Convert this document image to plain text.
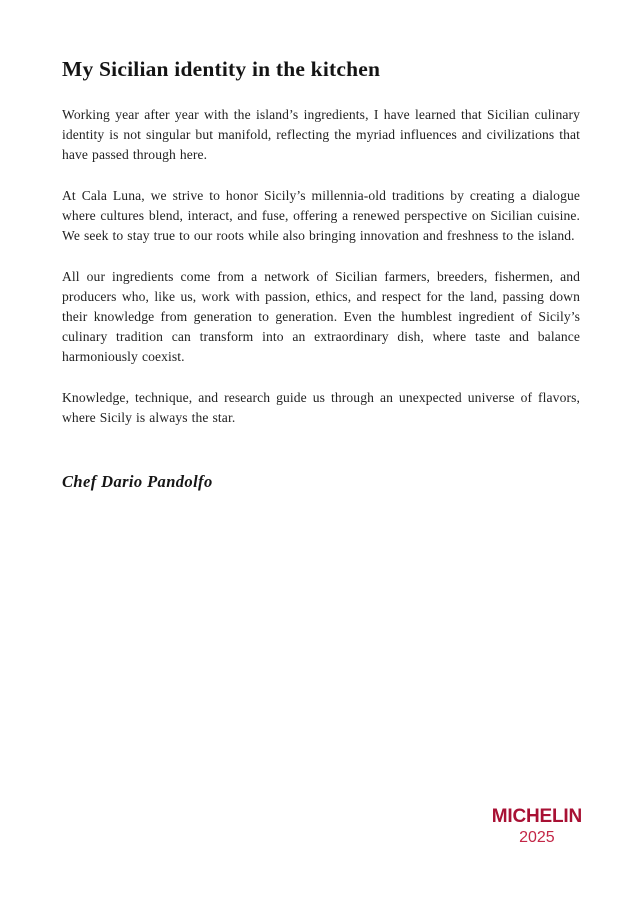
My Sicilian identity in the kitchen

Working year after year with the island’s ingredients, I have learned that Sicilian culinary identity is not singular but manifold, reflecting the myriad influences and civilizations that have passed through here.

At Cala Luna, we strive to honor Sicily’s millennia-old traditions by creating a dialogue where cultures blend, interact, and fuse, offering a renewed perspective on Sicilian cuisine. We seek to stay true to our roots while also bringing innovation and freshness to the island.

All our ingredients come from a network of Sicilian farmers, breeders, fishermen, and producers who, like us, work with passion, ethics, and respect for the land, passing down their knowledge from generation to generation. Even the humblest ingredient of Sicily’s culinary tradition can transform into an extraordinary dish, where taste and balance harmoniously coexist.

Knowledge, technique, and research guide us through an unexpected universe of flavors, where Sicily is always the star.

Chef Dario Pandolfo
MICHELIN
2025
